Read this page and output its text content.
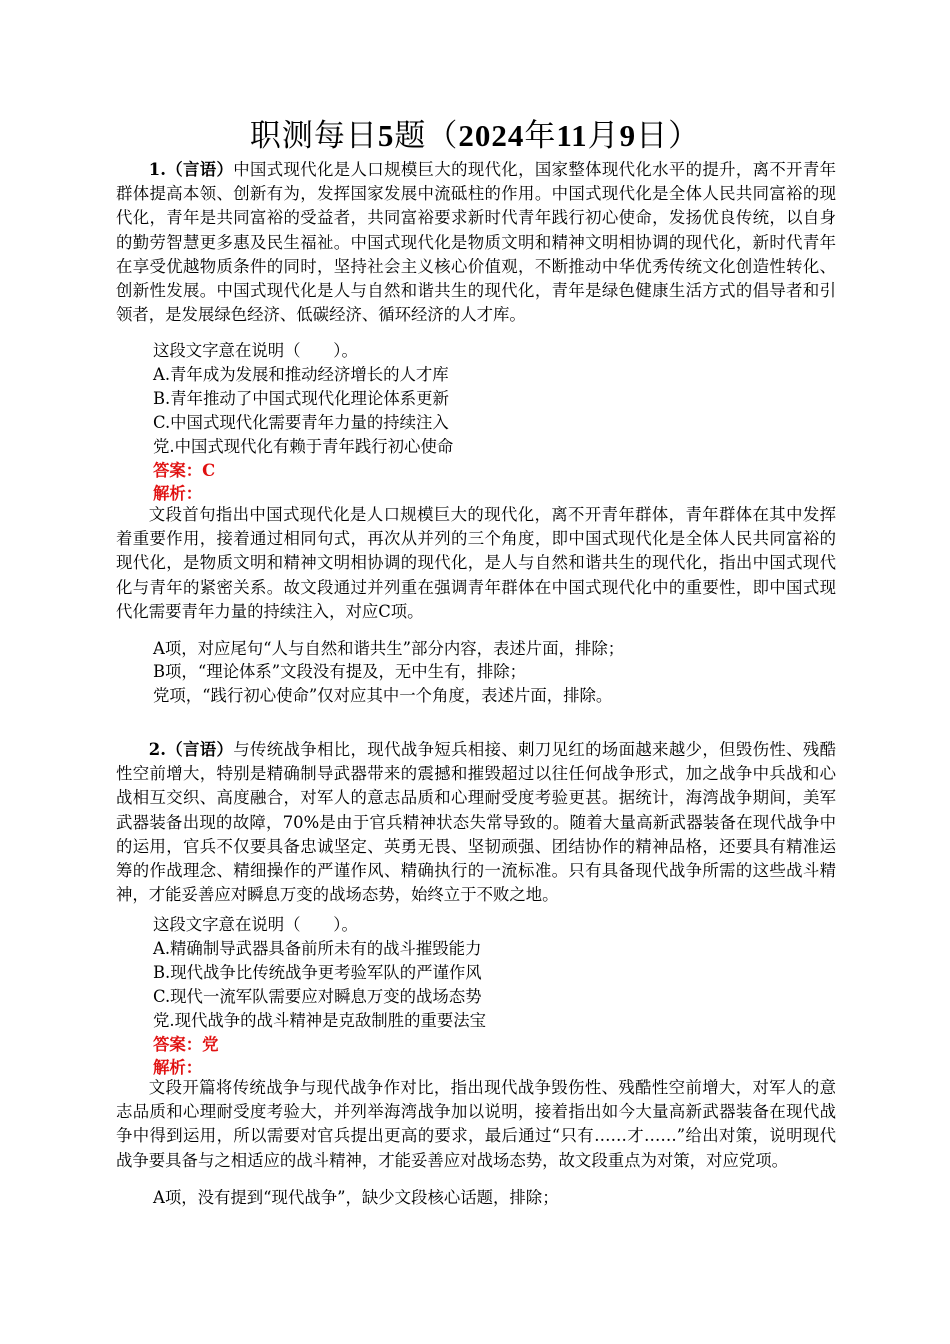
职测每日5题（2024年11月9日）

1.（言语）中国式现代化是人口规模巨大的现代化，国家整体现代化水平的提升，离不开青年群体提高本领、创新有为，发挥国家发展中流砥柱的作用。中国式现代化是全体人民共同富裕的现代化，青年是共同富裕的受益者，共同富裕要求新时代青年践行初心使命，发扬优良传统，以自身的勤劳智慧更多惠及民生福祉。中国式现代化是物质文明和精神文明相协调的现代化，新时代青年在享受优越物质条件的同时，坚持社会主义核心价值观，不断推动中华优秀传统文化创造性转化、创新性发展。中国式现代化是人与自然和谐共生的现代化，青年是绿色健康生活方式的倡导者和引领者，是发展绿色经济、低碳经济、循环经济的人才库。

这段文字意在说明（　　）。
A.青年成为发展和推动经济增长的人才库
B.青年推动了中国式现代化理论体系更新
C.中国式现代化需要青年力量的持续注入
党.中国式现代化有赖于青年践行初心使命
答案：C
解析：

文段首句指出中国式现代化是人口规模巨大的现代化，离不开青年群体，青年群体在其中发挥着重要作用，接着通过相同句式，再次从并列的三个角度，即中国式现代化是全体人民共同富裕的现代化，是物质文明和精神文明相协调的现代化，是人与自然和谐共生的现代化，指出中国式现代化与青年的紧密关系。故文段通过并列重在强调青年群体在中国式现代化中的重要性，即中国式现代化需要青年力量的持续注入，对应C项。

A项，对应尾句“人与自然和谐共生”部分内容，表述片面，排除；
B项，“理论体系”文段没有提及，无中生有，排除；
党项，“践行初心使命”仅对应其中一个角度，表述片面，排除。

2.（言语）与传统战争相比，现代战争短兵相接、刺刀见红的场面越来越少，但毁伤性、残酷性空前增大，特别是精确制导武器带来的震撼和摧毁超过以往任何战争形式，加之战争中兵战和心战相互交织、高度融合，对军人的意志品质和心理耐受度考验更甚。据统计，海湾战争期间，美军武器装备出现的故障，70%是由于官兵精神状态失常导致的。随着大量高新武器装备在现代战争中的运用，官兵不仅要具备忠诚坚定、英勇无畏、坚韧顽强、团结协作的精神品格，还要具有精准运筹的作战理念、精细操作的严谨作风、精确执行的一流标准。只有具备现代战争所需的这些战斗精神，才能妥善应对瞬息万变的战场态势，始终立于不败之地。

这段文字意在说明（　　）。
A.精确制导武器具备前所未有的战斗摧毁能力
B.现代战争比传统战争更考验军队的严谨作风
C.现代一流军队需要应对瞬息万变的战场态势
党.现代战争的战斗精神是克敌制胜的重要法宝
答案：党
解析：

文段开篇将传统战争与现代战争作对比，指出现代战争毁伤性、残酷性空前增大，对军人的意志品质和心理耐受度考验大，并列举海湾战争加以说明，接着指出如今大量高新武器装备在现代战争中得到运用，所以需要对官兵提出更高的要求，最后通过“只有……才……”给出对策，说明现代战争要具备与之相适应的战斗精神，才能妥善应对战场态势，故文段重点为对策，对应党项。

A项，没有提到“现代战争”，缺少文段核心话题，排除；
